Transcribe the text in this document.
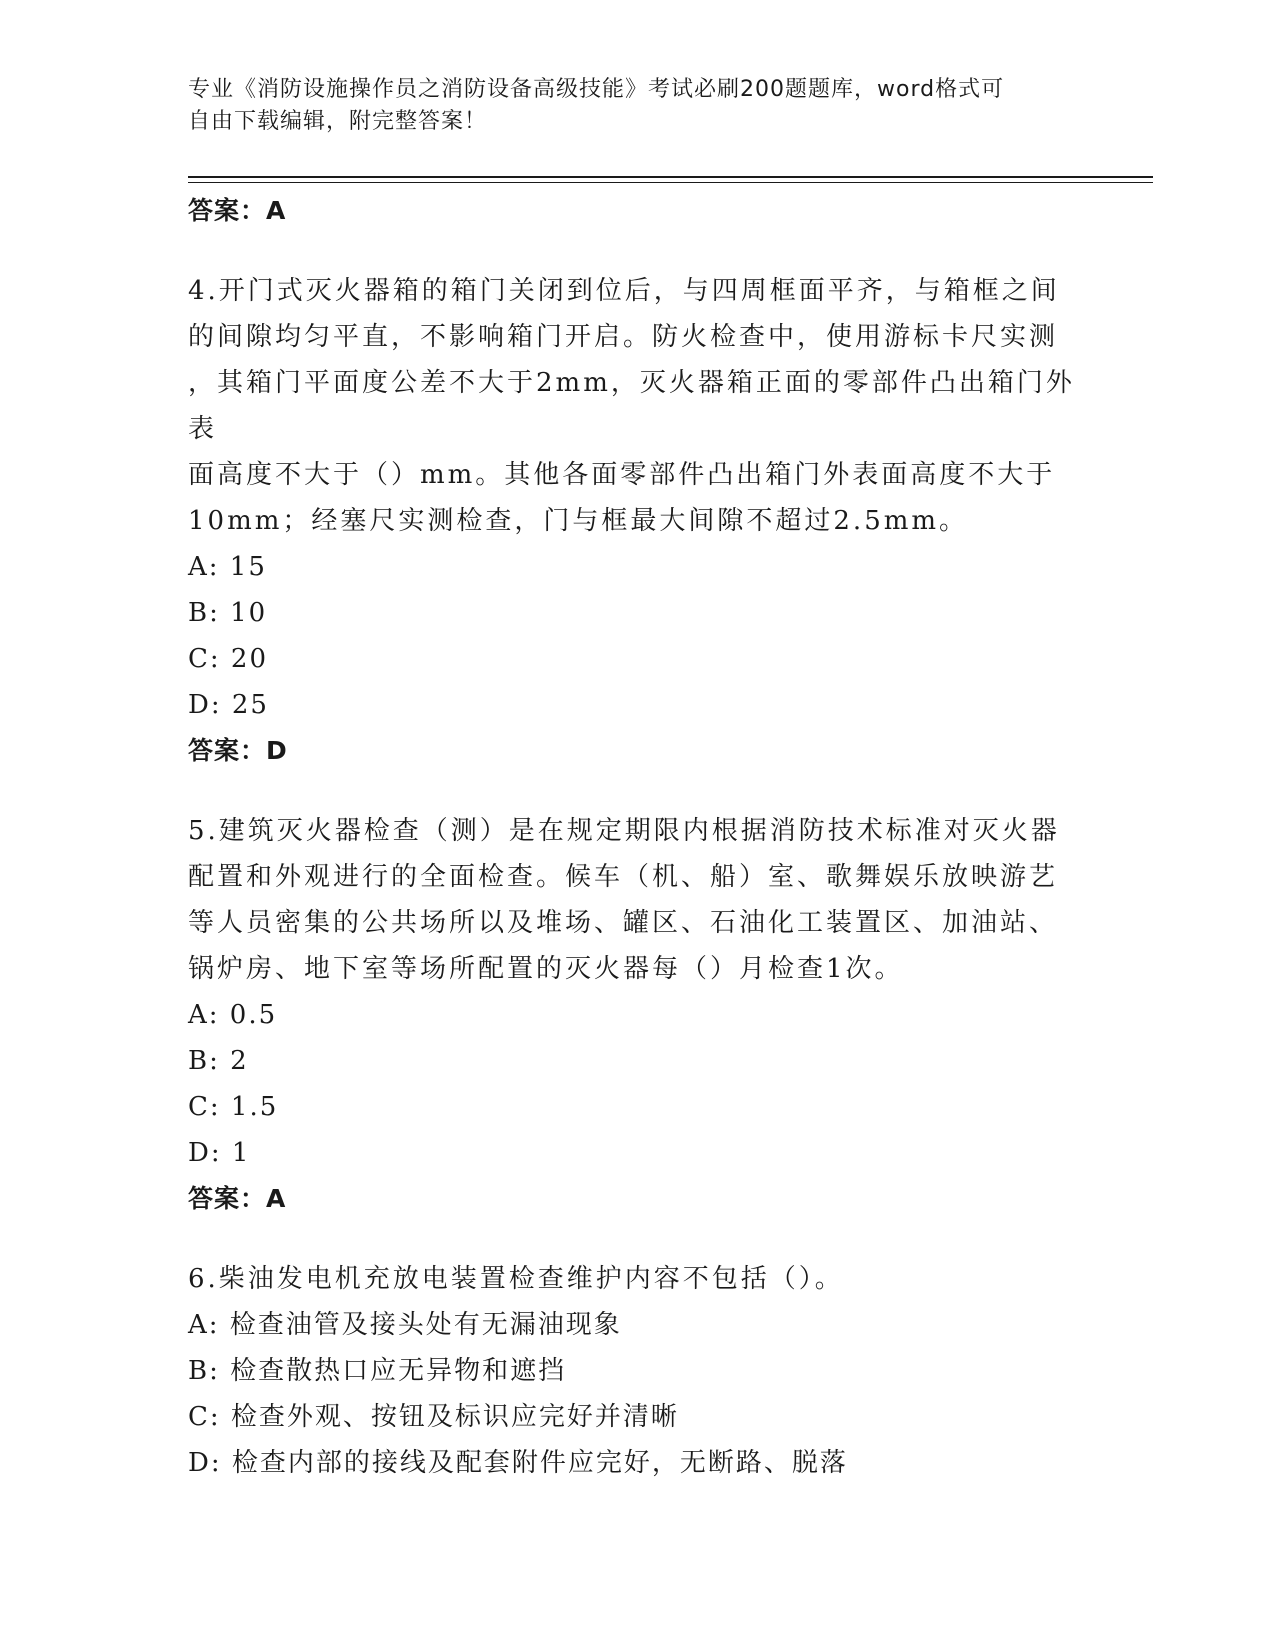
专业《消防设施操作员之消防设备高级技能》考试必刷200题题库，word格式可
自由下载编辑，附完整答案！
答案：A
4.开门式灭火器箱的箱门关闭到位后，与四周框面平齐，与箱框之间
的间隙均匀平直，不影响箱门开启。防火检查中，使用游标卡尺实测
，其箱门平面度公差不大于2mm，灭火器箱正面的零部件凸出箱门外表
面高度不大于（）mm。其他各面零部件凸出箱门外表面高度不大于
10mm；经塞尺实测检查，门与框最大间隙不超过2.5mm。
A: 15
B: 10
C: 20
D: 25
答案：D
5.建筑灭火器检查（测）是在规定期限内根据消防技术标准对灭火器
配置和外观进行的全面检查。候车（机、船）室、歌舞娱乐放映游艺
等人员密集的公共场所以及堆场、罐区、石油化工装置区、加油站、
锅炉房、地下室等场所配置的灭火器每（）月检查1次。
A: 0.5
B: 2
C: 1.5
D: 1
答案：A
6.柴油发电机充放电装置检查维护内容不包括（）。
A: 检查油管及接头处有无漏油现象
B: 检查散热口应无异物和遮挡
C: 检查外观、按钮及标识应完好并清晰
D: 检查内部的接线及配套附件应完好，无断路、脱落
